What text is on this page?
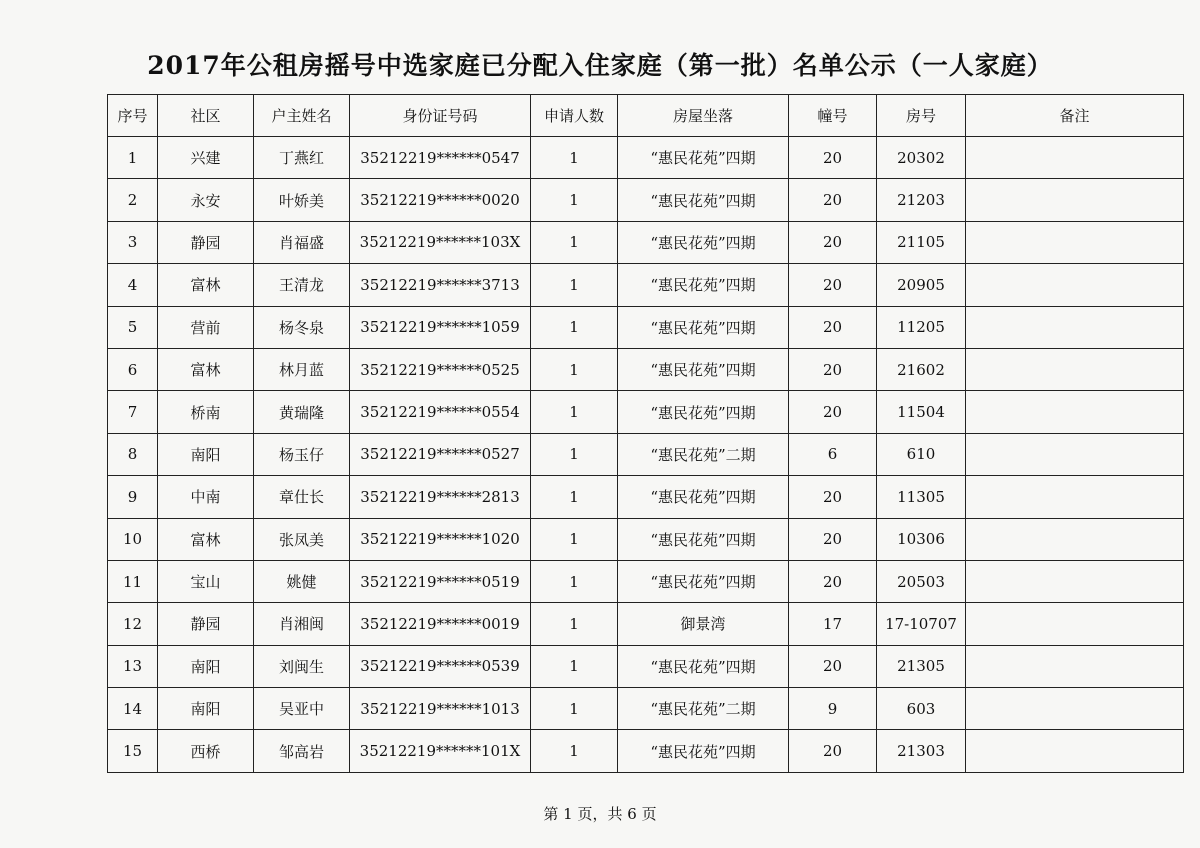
2017年公租房摇号中选家庭已分配入住家庭（第一批）名单公示（一人家庭）
序号	社区	户主姓名	身份证号码	申请人数	房屋坐落	幢号	房号	备注
1	兴建	丁燕红	35212219******0547	1	“惠民花苑”四期	20	20302	
2	永安	叶娇美	35212219******0020	1	“惠民花苑”四期	20	21203	
3	静园	肖福盛	35212219******103X	1	“惠民花苑”四期	20	21105	
4	富林	王清龙	35212219******3713	1	“惠民花苑”四期	20	20905	
5	营前	杨冬泉	35212219******1059	1	“惠民花苑”四期	20	11205	
6	富林	林月蓝	35212219******0525	1	“惠民花苑”四期	20	21602	
7	桥南	黄瑞隆	35212219******0554	1	“惠民花苑”四期	20	11504	
8	南阳	杨玉仔	35212219******0527	1	“惠民花苑”二期	6	610	
9	中南	章仕长	35212219******2813	1	“惠民花苑”四期	20	11305	
10	富林	张凤美	35212219******1020	1	“惠民花苑”四期	20	10306	
11	宝山	姚健	35212219******0519	1	“惠民花苑”四期	20	20503	
12	静园	肖湘闽	35212219******0019	1	御景湾	17	17-10707	
13	南阳	刘闽生	35212219******0539	1	“惠民花苑”四期	20	21305	
14	南阳	吴亚中	35212219******1013	1	“惠民花苑”二期	9	603	
15	西桥	邹高岩	35212219******101X	1	“惠民花苑”四期	20	21303	
第 1 页，共 6 页
